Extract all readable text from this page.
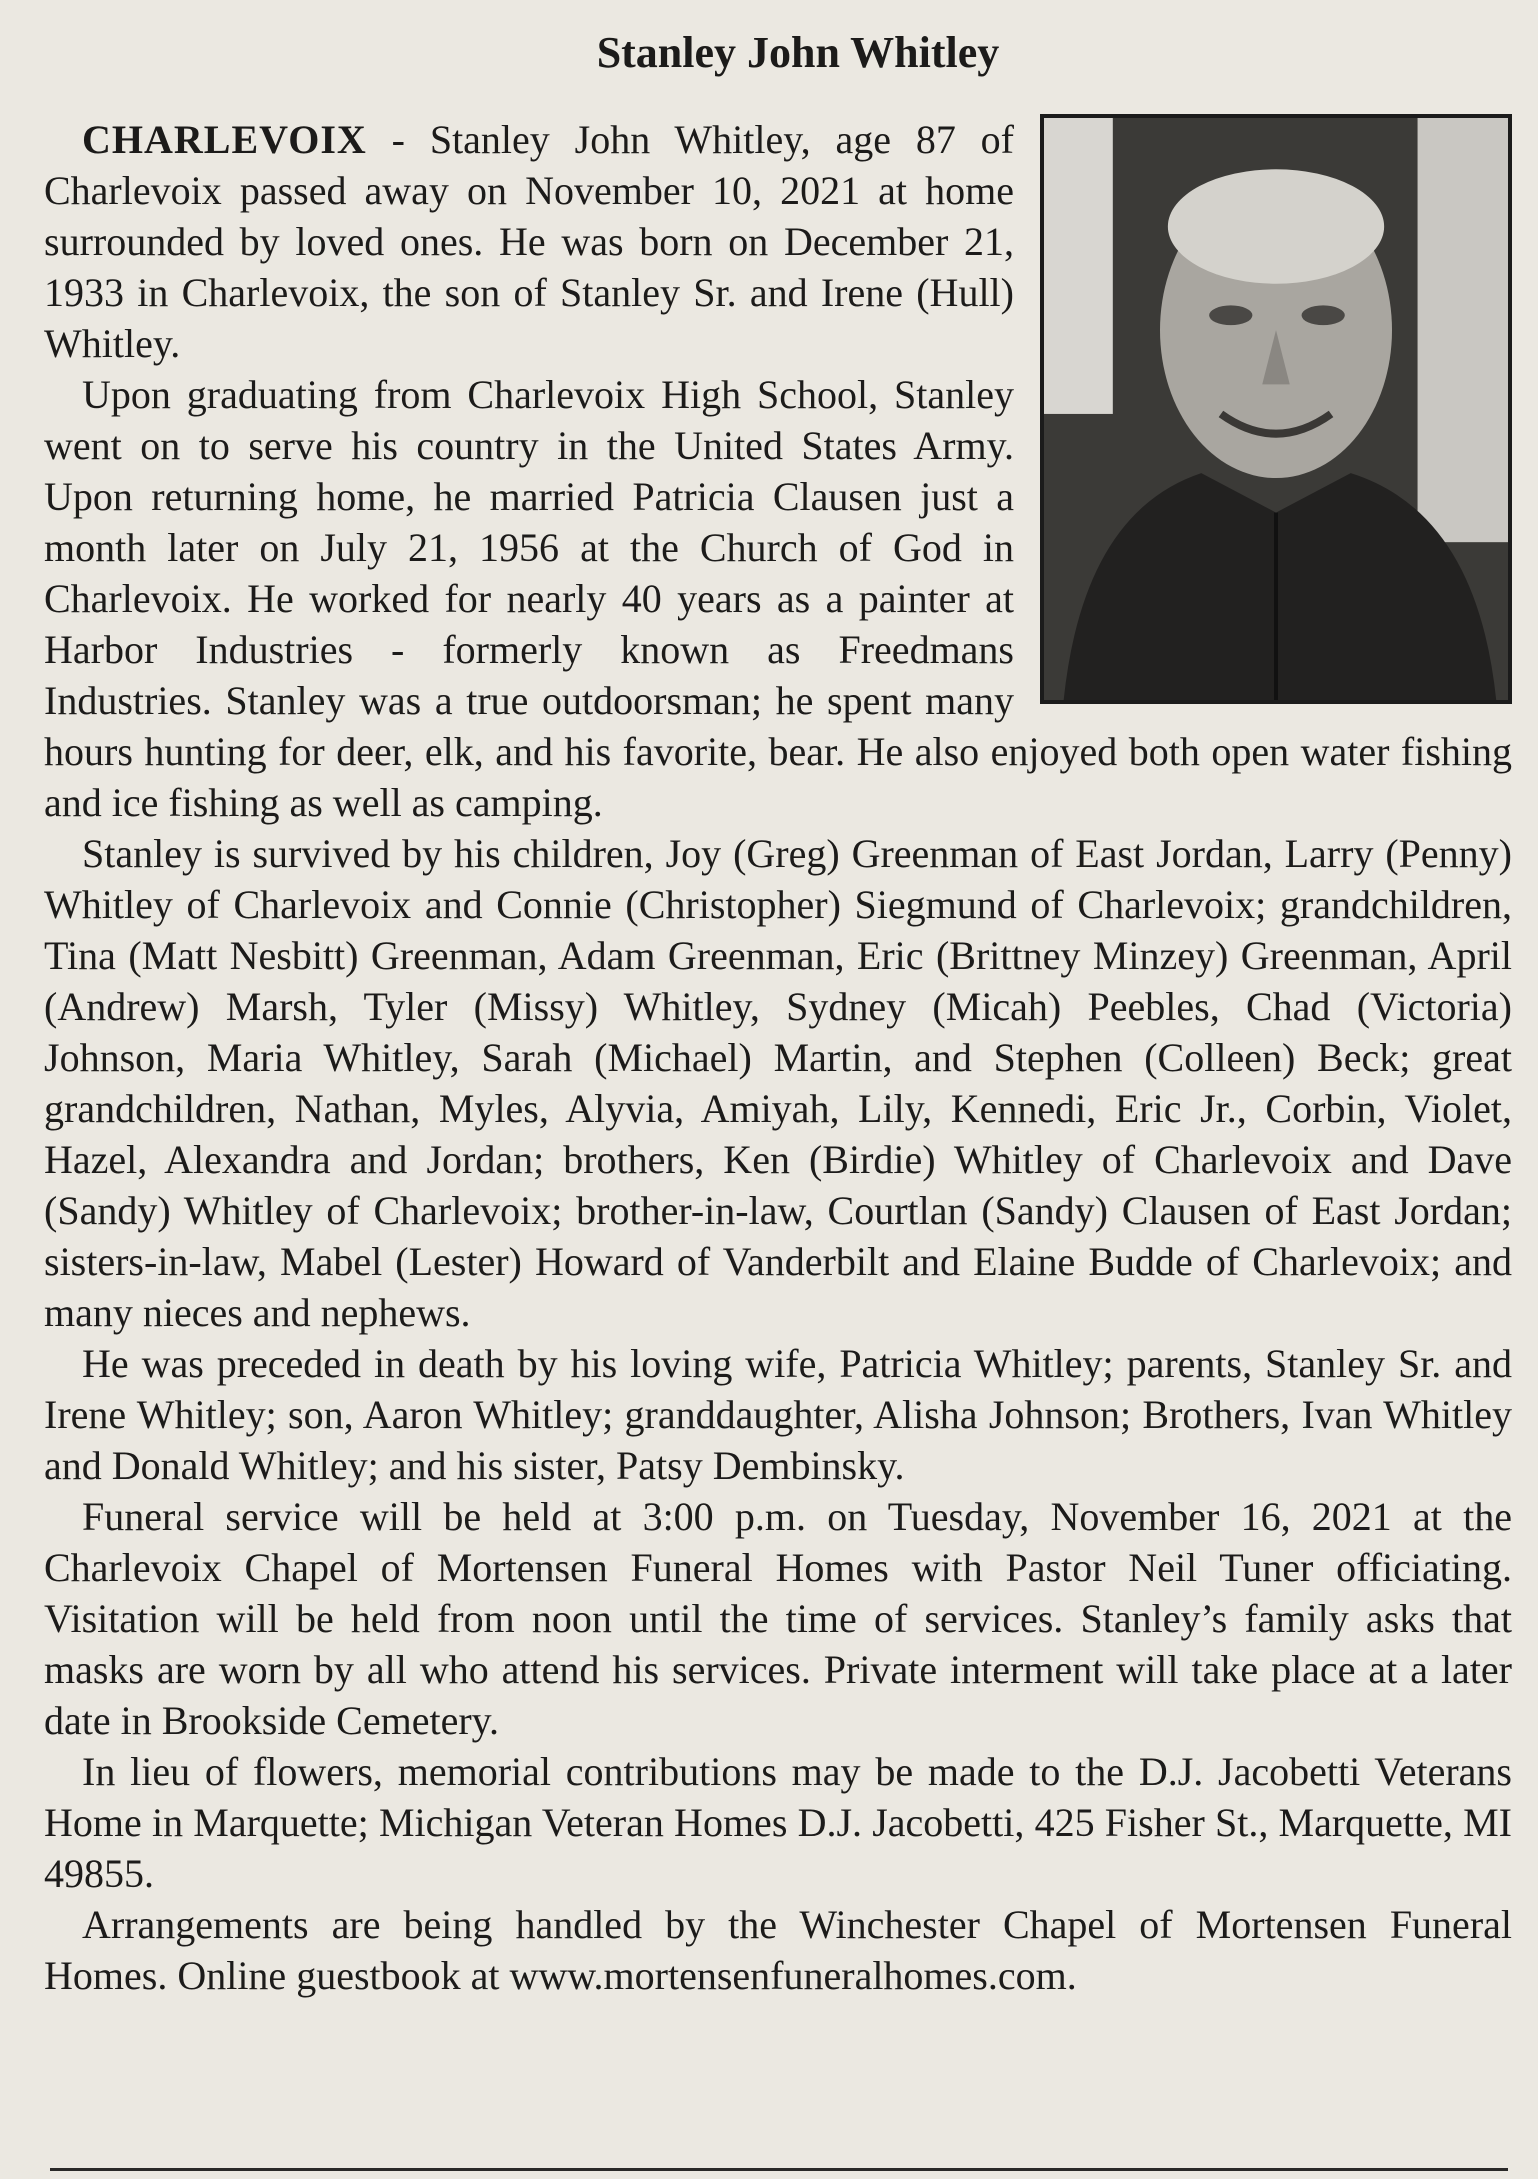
Stanley John Whitley

CHARLEVOIX - Stanley John Whitley, age 87 of Charlevoix passed away on November 10, 2021 at home surrounded by loved ones. He was born on December 21, 1933 in Charlevoix, the son of Stanley Sr. and Irene (Hull) Whitley.

Upon graduating from Charlevoix High School, Stanley went on to serve his country in the United States Army. Upon returning home, he married Patricia Clausen just a month later on July 21, 1956 at the Church of God in Charlevoix. He worked for nearly 40 years as a painter at Harbor Industries - formerly known as Freedmans Industries. Stanley was a true outdoorsman; he spent many hours hunting for deer, elk, and his favorite, bear. He also enjoyed both open water fishing and ice fishing as well as camping.

Stanley is survived by his children, Joy (Greg) Greenman of East Jordan, Larry (Penny) Whitley of Charlevoix and Connie (Christopher) Siegmund of Charlevoix; grandchildren, Tina (Matt Nesbitt) Greenman, Adam Greenman, Eric (Brittney Minzey) Greenman, April (Andrew) Marsh, Tyler (Missy) Whitley, Sydney (Micah) Peebles, Chad (Victoria) Johnson, Maria Whitley, Sarah (Michael) Martin, and Stephen (Colleen) Beck; great grandchildren, Nathan, Myles, Alyvia, Amiyah, Lily, Kennedi, Eric Jr., Corbin, Violet, Hazel, Alexandra and Jordan; brothers, Ken (Birdie) Whitley of Charlevoix and Dave (Sandy) Whitley of Charlevoix; brother-in-law, Courtlan (Sandy) Clausen of East Jordan; sisters-in-law, Mabel (Lester) Howard of Vanderbilt and Elaine Budde of Charlevoix; and many nieces and nephews.

He was preceded in death by his loving wife, Patricia Whitley; parents, Stanley Sr. and Irene Whitley; son, Aaron Whitley; granddaughter, Alisha Johnson; Brothers, Ivan Whitley and Donald Whitley; and his sister, Patsy Dembinsky.

Funeral service will be held at 3:00 p.m. on Tuesday, November 16, 2021 at the Charlevoix Chapel of Mortensen Funeral Homes with Pastor Neil Tuner officiating. Visitation will be held from noon until the time of services. Stanley’s family asks that masks are worn by all who attend his services. Private interment will take place at a later date in Brookside Cemetery.

In lieu of flowers, memorial contributions may be made to the D.J. Jacobetti Veterans Home in Marquette; Michigan Veteran Homes D.J. Jacobetti, 425 Fisher St., Marquette, MI 49855.

Arrangements are being handled by the Winchester Chapel of Mortensen Funeral Homes. Online guestbook at www.mortensenfuneralhomes.com.
